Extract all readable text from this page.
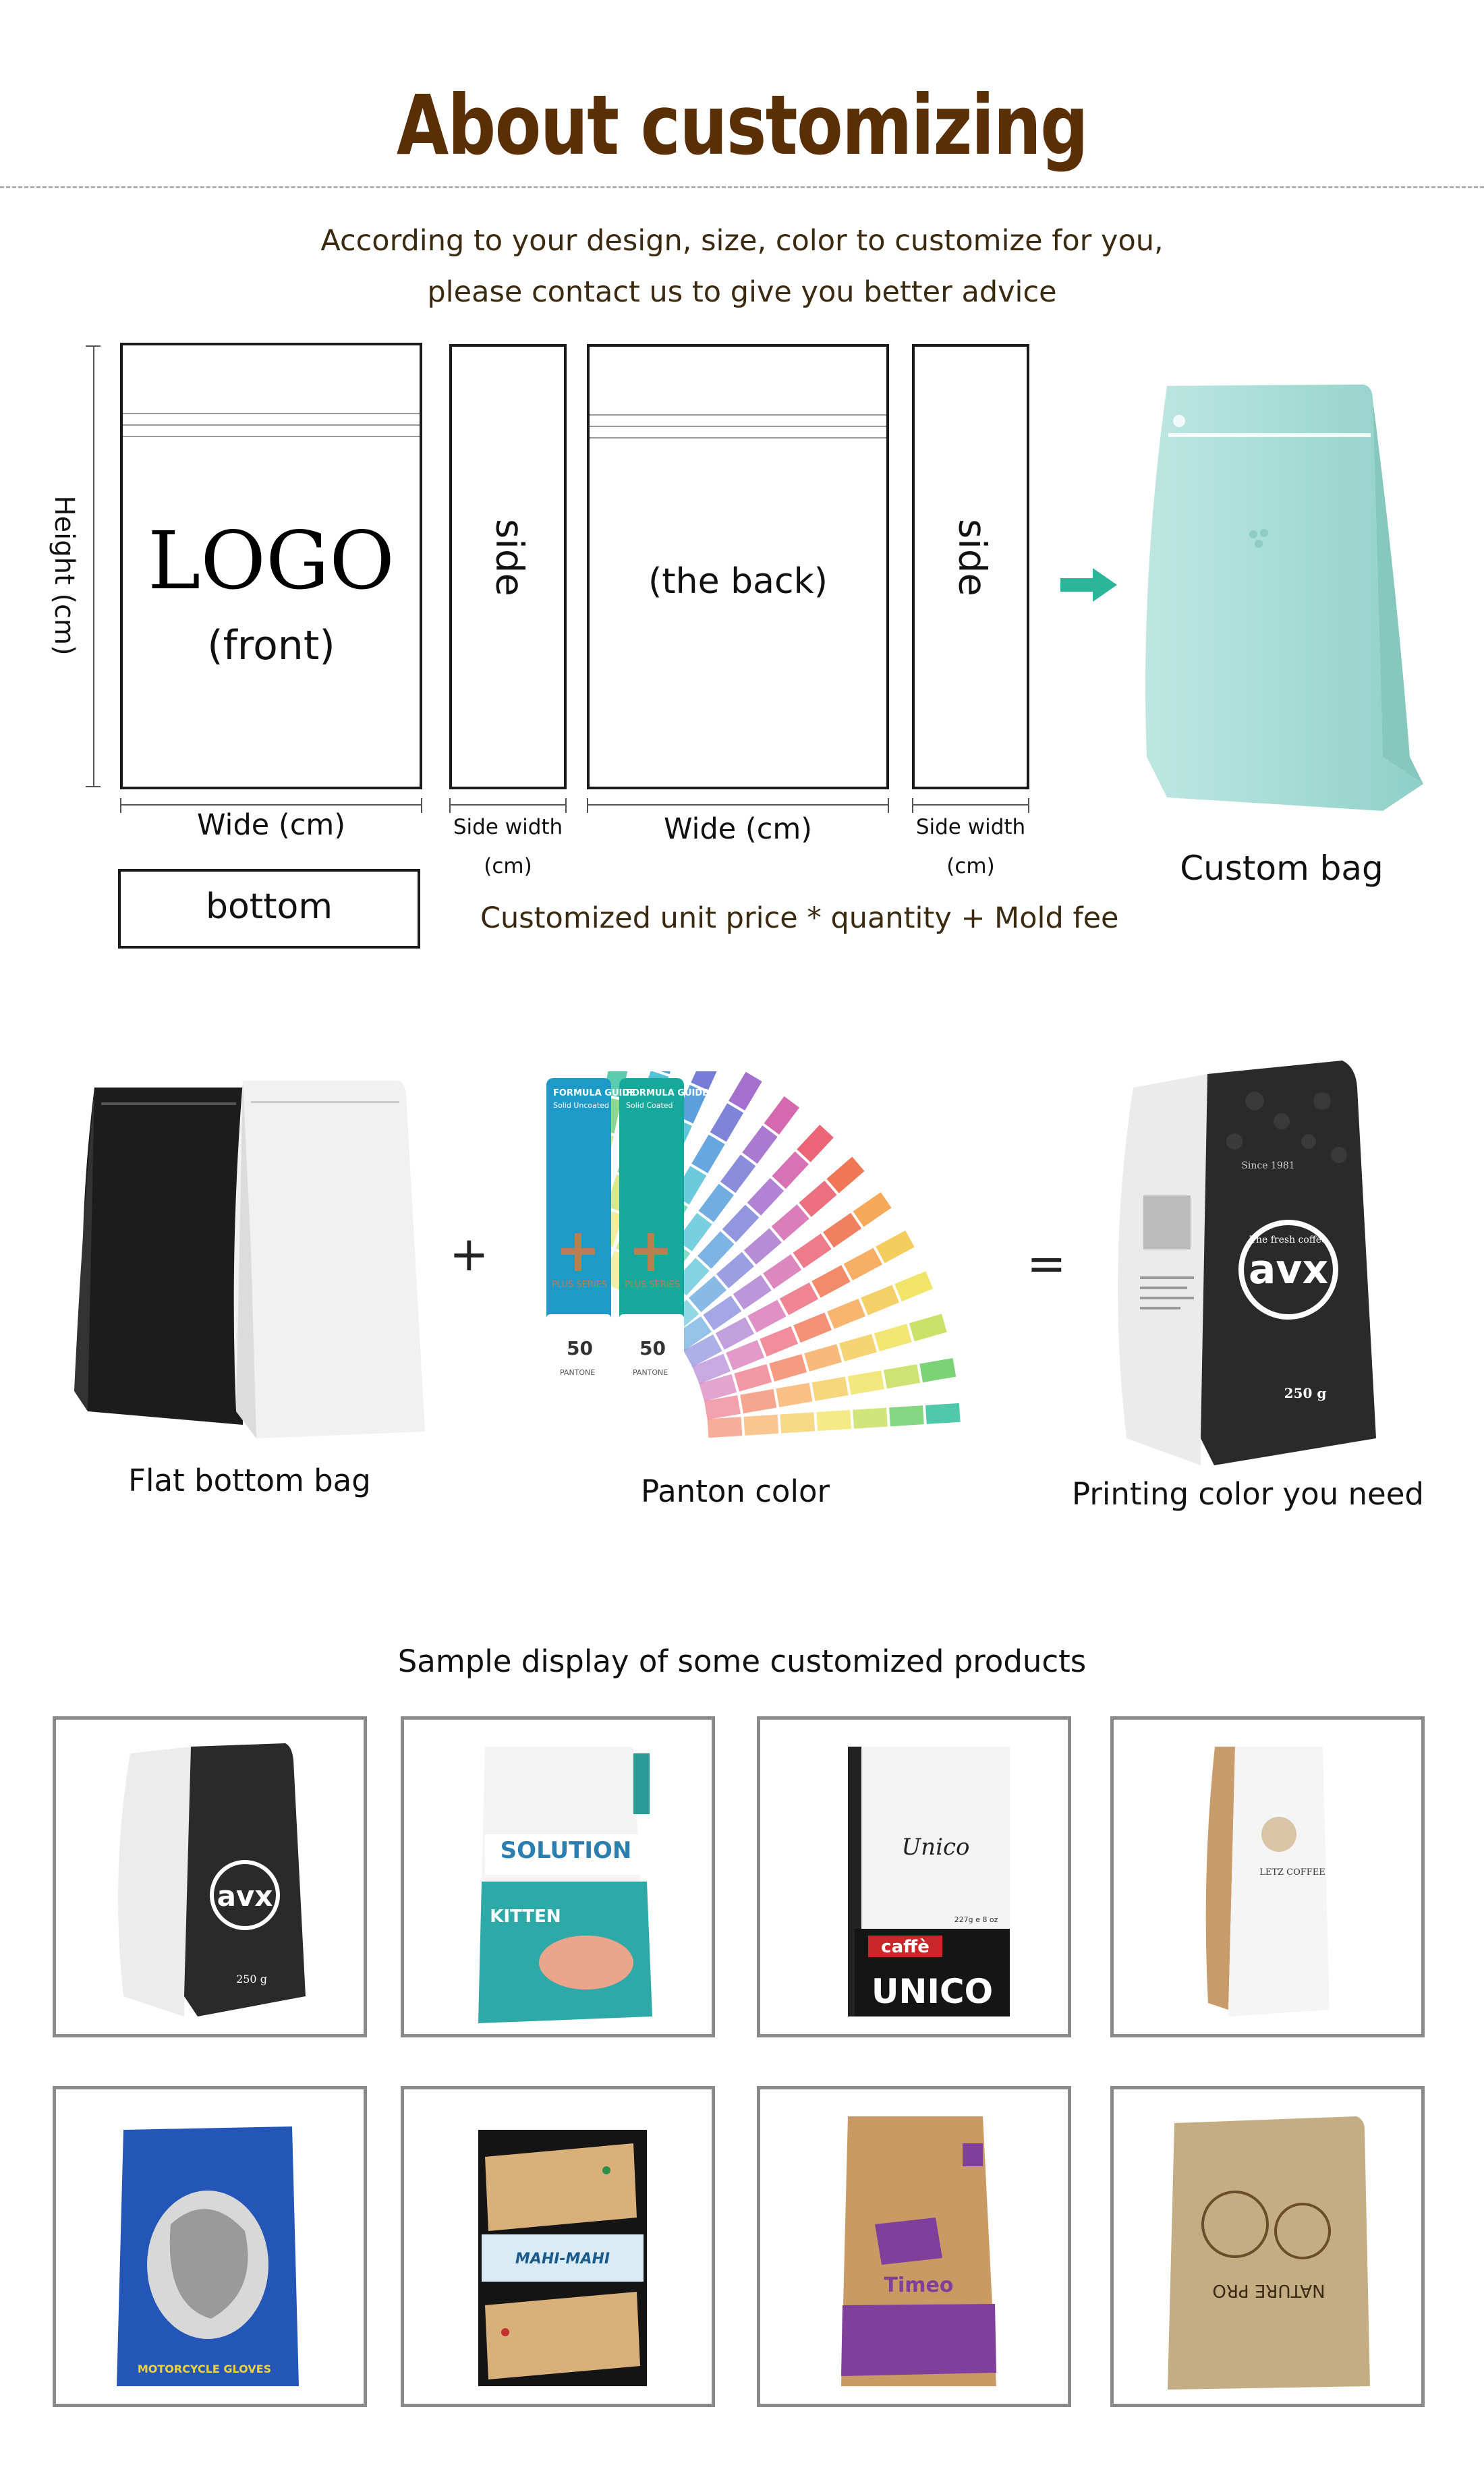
About customizing
According to your design, size, color to customize for you,
please contact us to give you better advice
Height (cm) LOGO
(front)
side	(the back)	side
Wide (cm)	Side width
(cm)
Wide (cm)	Side width
(cm)
bottom	Customized unit price * quantity + Mold fee
Custom bag
Flat bottom bag
+
FORMULA GUIDE
Solid Uncoated
FORMULA GUIDE
Solid Coated
PLUS SERIES PLUS SERIES
50 50
PANTONE	PANTONE
Panton color
=	avx
The fresh coffee
Since 1981
250 g
Printing color you need
Sample display of some customized products
avx
250 g
SOLUTION
KITTEN
Unico
227g e 8 oz
caffè
UNICO
LETZ COFFEE
MOTORCYCLE GLOVES
MAHI-MAHI
Timeo	NATURE PRO
